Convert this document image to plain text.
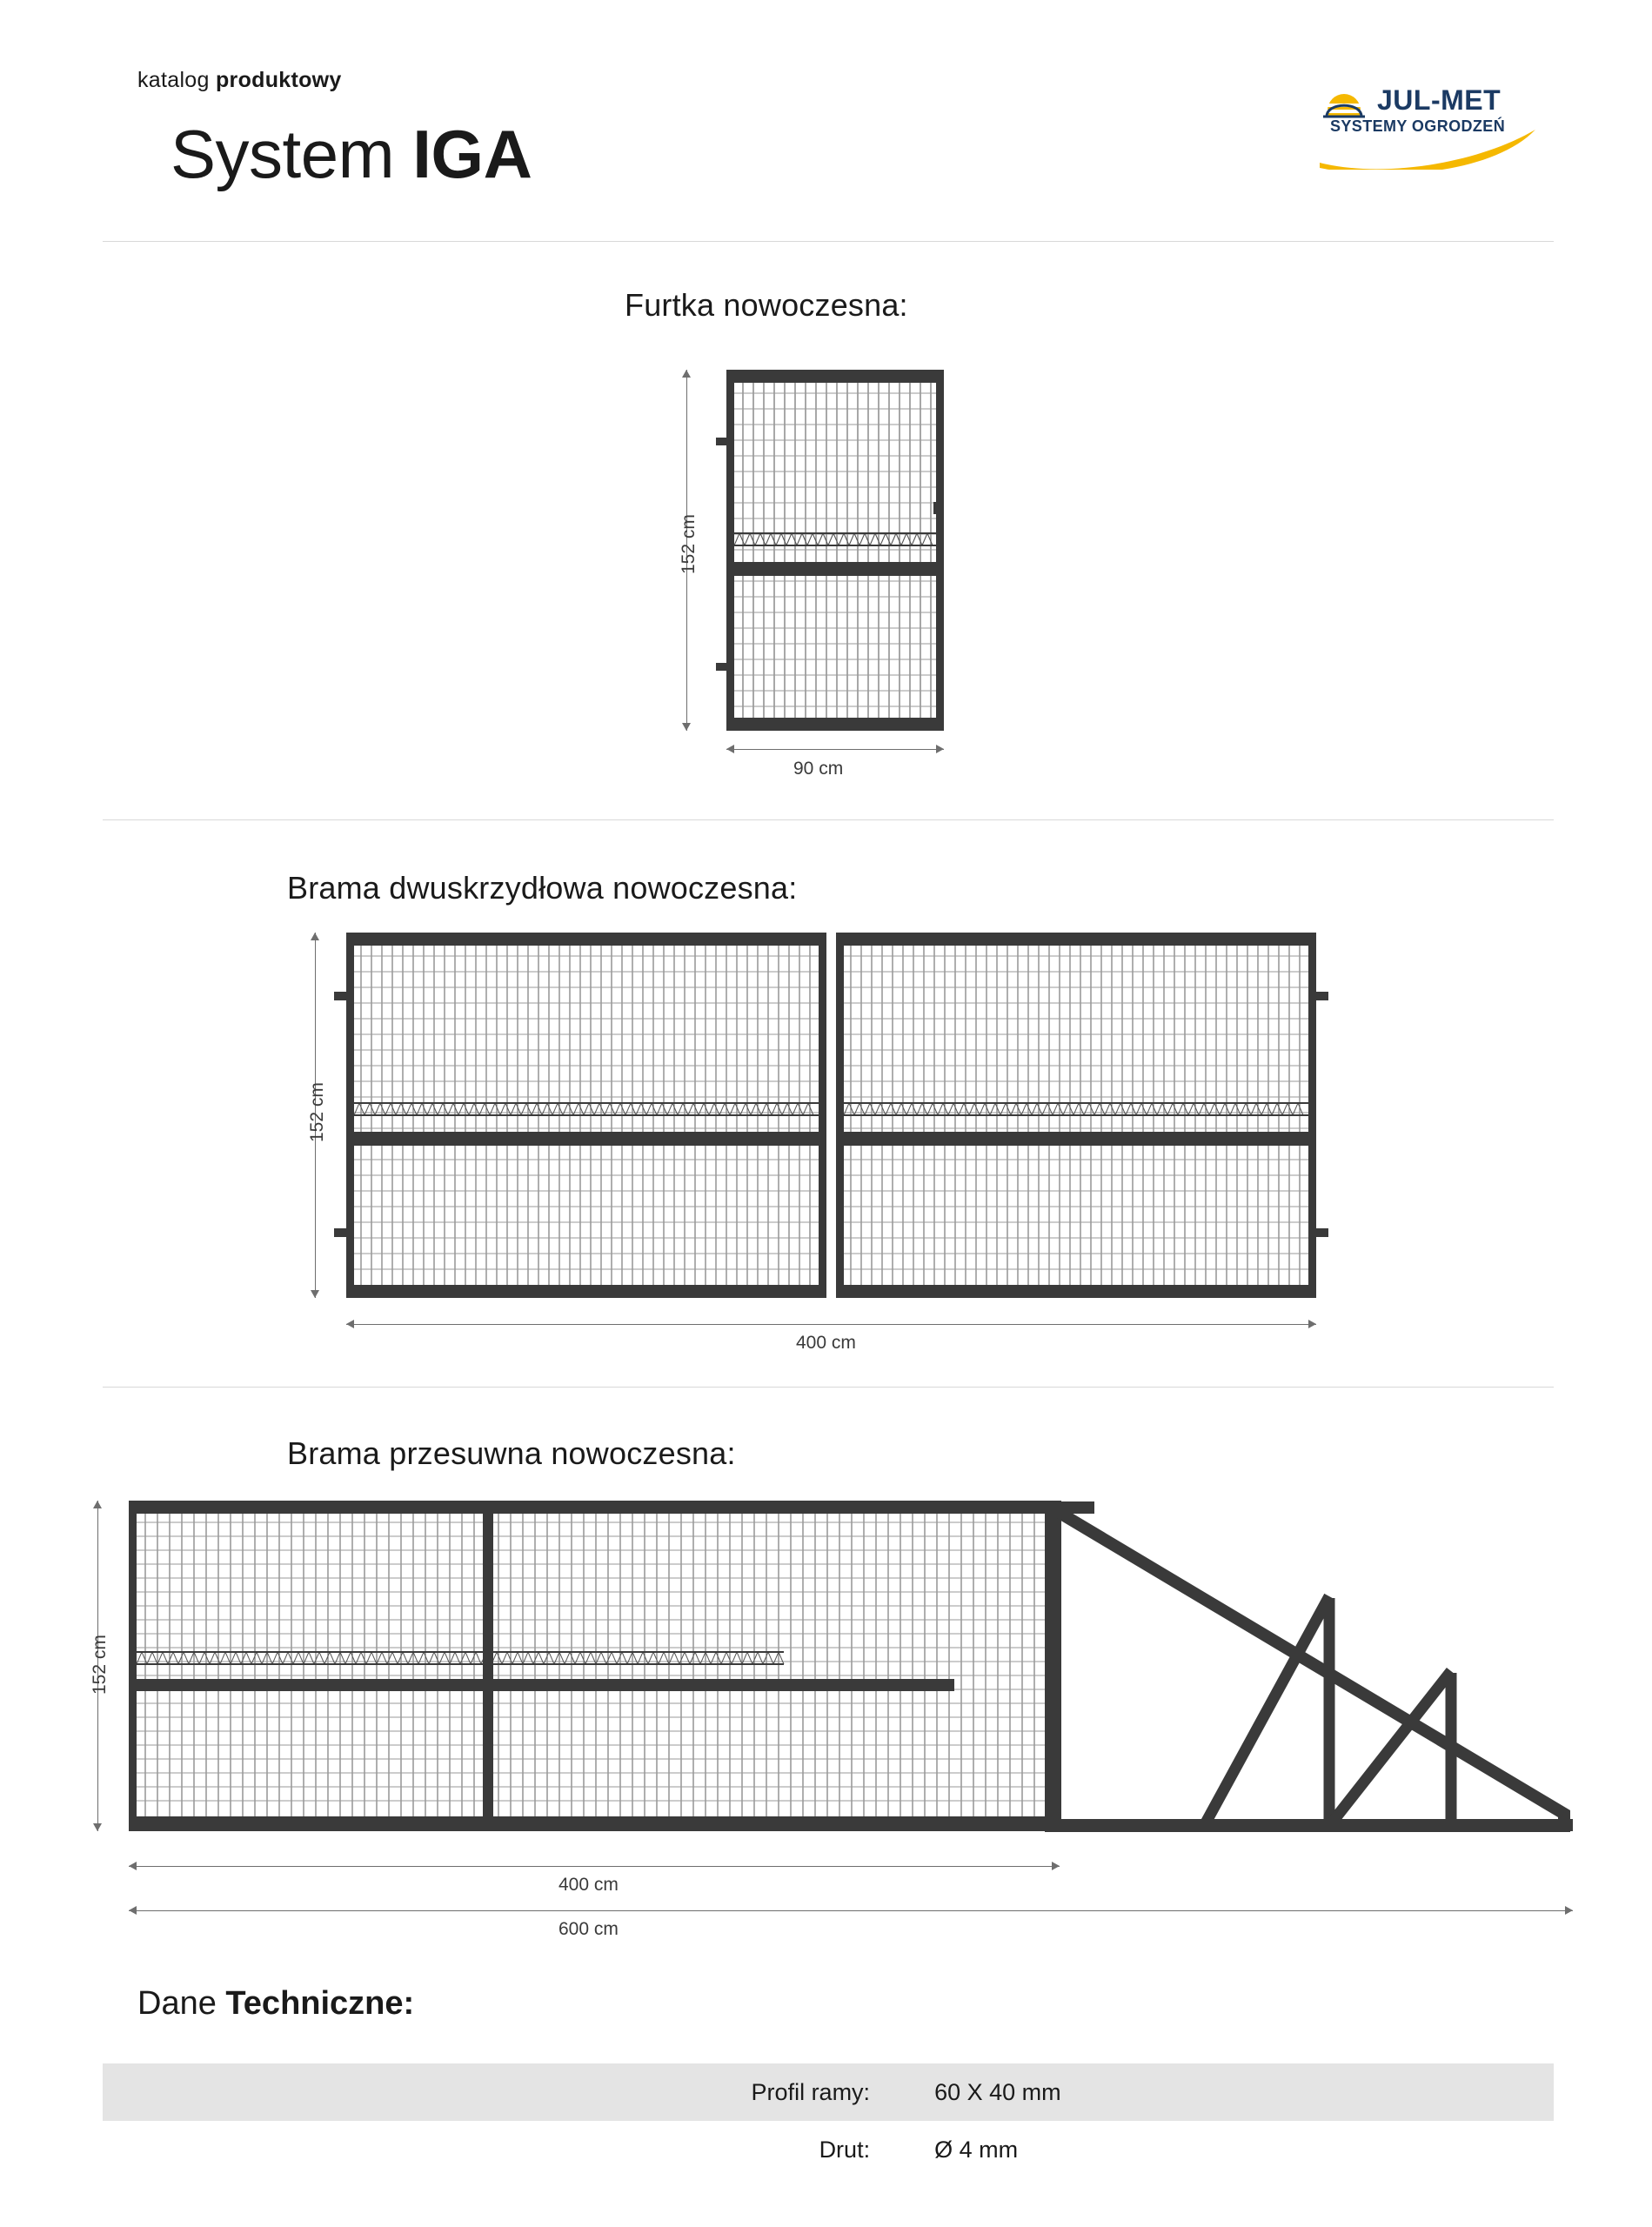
katalog produktowy
System IGA
JUL-MET
SYSTEMY OGRODZEŃ
Furtka nowoczesna:
152 cm
90 cm
Brama dwuskrzydłowa nowoczesna:
152 cm
400 cm
Brama przesuwna nowoczesna:
152 cm
400 cm
600 cm
Dane Techniczne:
Profil ramy:	60 X 40 mm
Drut:	Ø 4 mm
